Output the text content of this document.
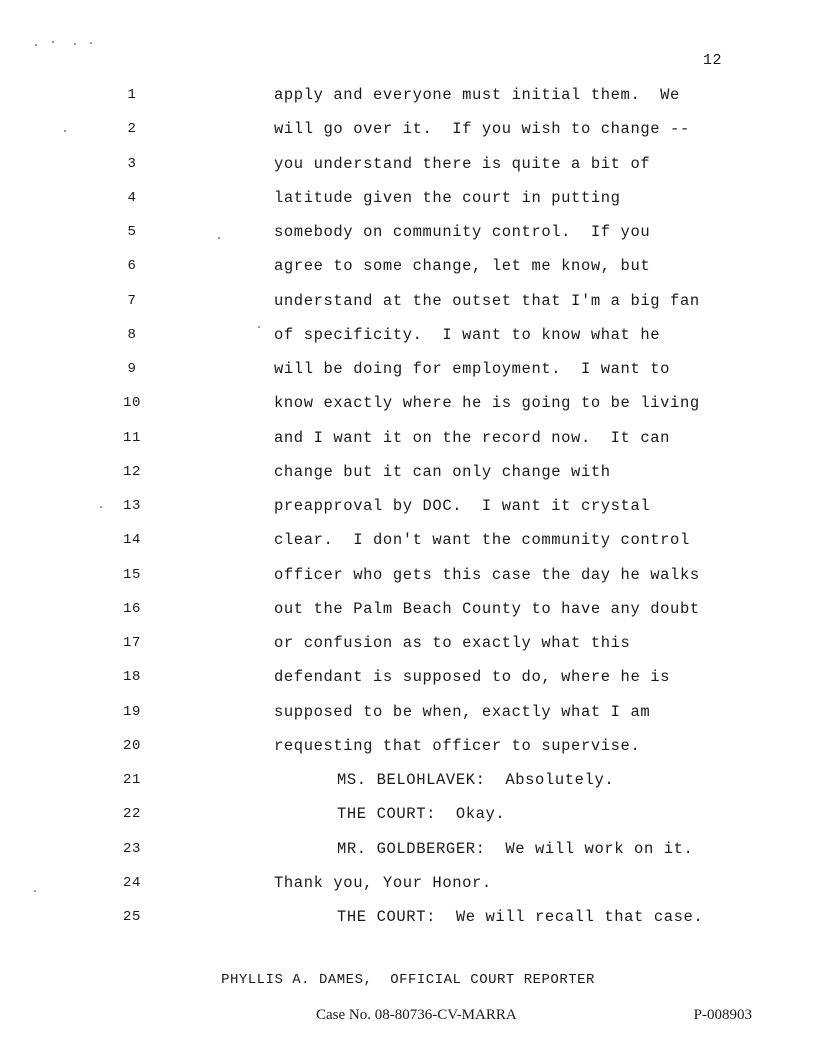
12
1	apply and everyone must initial them.  We
2	will go over it.  If you wish to change --
3	you understand there is quite a bit of
4	latitude given the court in putting
5	somebody on community control.  If you
6	agree to some change, let me know, but
7	understand at the outset that I'm a big fan
8	of specificity.  I want to know what he
9	will be doing for employment.  I want to
10	know exactly where he is going to be living
11	and I want it on the record now.  It can
12	change but it can only change with
13	preapproval by DOC.  I want it crystal
14	clear.  I don't want the community control
15	officer who gets this case the day he walks
16	out the Palm Beach County to have any doubt
17	or confusion as to exactly what this
18	defendant is supposed to do, where he is
19	supposed to be when, exactly what I am
20	requesting that officer to supervise.
21	MS. BELOHLAVEK:  Absolutely.
22	THE COURT:  Okay.
23	MR. GOLDBERGER:  We will work on it.
24	Thank you, Your Honor.
25	THE COURT:  We will recall that case.
PHYLLIS A. DAMES,  OFFICIAL COURT REPORTER
Case No. 08-80736-CV-MARRA	P-008903
